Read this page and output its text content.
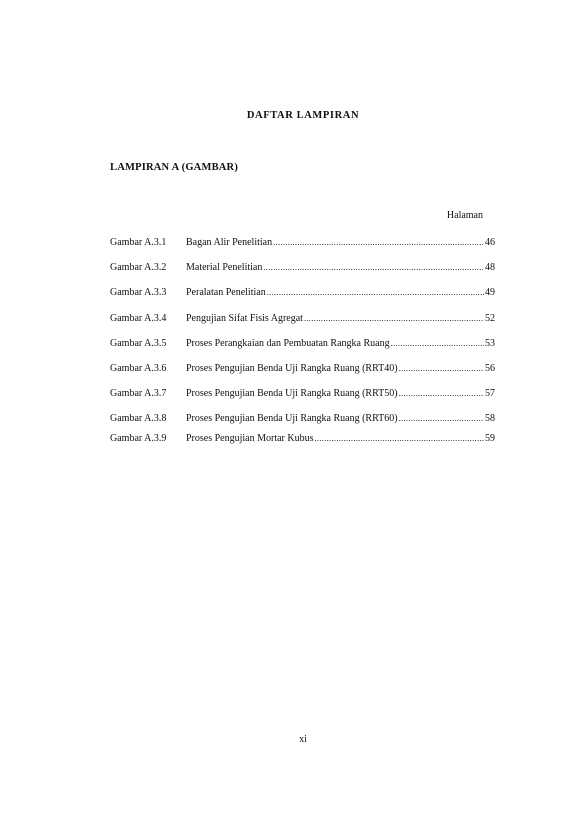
DAFTAR LAMPIRAN
LAMPIRAN A (GAMBAR)
Halaman
Gambar A.3.1	Bagan Alir Penelitian .....	46
Gambar A.3.2	Material Penelitian .....	48
Gambar A.3.3	Peralatan Penelitian .....	49
Gambar A.3.4	Pengujian Sifat Fisis Agregat .....	52
Gambar A.3.5	Proses Perangkaian dan Pembuatan Rangka Ruang .....	53
Gambar A.3.6	Proses Pengujian Benda Uji Rangka Ruang (RRT40) .....	56
Gambar A.3.7	Proses Pengujian Benda Uji Rangka Ruang (RRT50) .....	57
Gambar A.3.8	Proses Pengujian Benda Uji Rangka Ruang (RRT60) .....	58
Gambar A.3.9	Proses Pengujian Mortar Kubus .....	59
xi
